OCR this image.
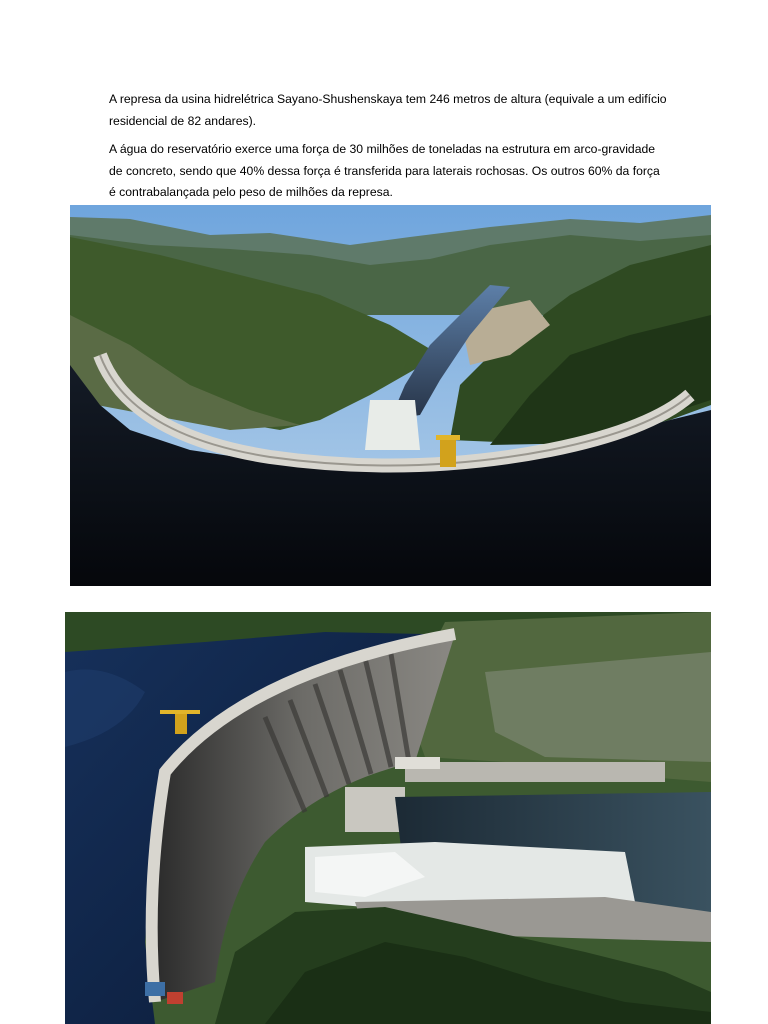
A represa da usina hidrelétrica Sayano-Shushenskaya tem 246 metros de altura (equivale a um edifício residencial de 82 andares).

A água do reservatório exerce uma força de 30 milhões de toneladas na estrutura em arco-gravidade de concreto, sendo que 40% dessa força é transferida para laterais rochosas. Os outros 60% da força é contrabalançada pelo peso de milhões da represa.
